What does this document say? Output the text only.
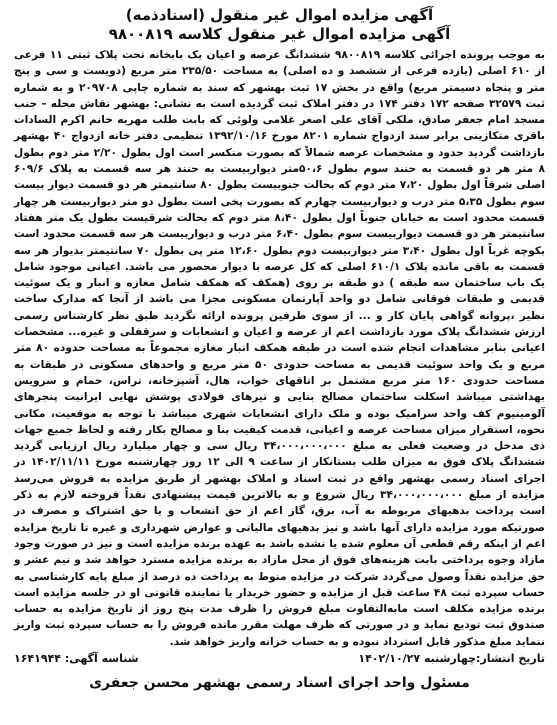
آگهی مزایده اموال غیر منقول (اسناد‌ذمه)

آگهی مزایده اموال غیر منقول کلاسه ۹۸۰۰۸۱۹

به موجب پرونده اجرائی کلاسه ۹۸۰۰۸۱۹ ششدانگ عرصه و اعیان یک بابخانه تحت پلاک ثبتی ۱۱ فرعی از ۶۱۰ اصلی (یازده فرعی از ششصد و ده اصلی) به مساحت ۲۳۵/۵۰ متر مربع (دویست و سی و پنج متر و پنجاه دسیمتر مربع) واقع در بخش ۱۷ ثبت بهشهر که سند به شماره چاپی ۲۰۹۷۰۸ و به شماره ثبت ۳۲۵۷۹ صفحه ۱۷۲ دفتر ۱۷۴ در دفتر املاک ثبت گردیده است به نشانی: بهشهر نقاش محله – جنب مسجد امام جعفر صادق، ملکی آقای علی اصغر غلامی ولوئی که بابت طلب مهریه خانم اکرم السادات باقری متکازینی برابر سند ازدواج شماره ۸۲۰۱ مورخ ۱۳۹۲/۱۰/۱۶ تنظیمی دفتر خانه ازدواج ۴۰ بهشهر بازداشت گردید حدود و مشخصات عرصه شمالاً که بصورت منکسر است اول بطول ۲/۲۰ متر دوم بطول ۸ متر هر دو قسمت به حنند سوم بطول ۵۰،۶متر دیواربیست به حنند هر سه قسمت به پلاک ۶۰۹/۶ اصلی شرقاً اول بطول ۷،۲۰ متر دوم که بحالت جنوبیست بطول ۸۰ سانتیمتر هر دو قسمت دیوار بیست سوم بطول ۵،۳۵ متر درب و دیواربیست چهارم که بصورت پخی است بطول دو متر دیواربیست هر چهار قسمت محدود است به خیابان جنوباً اول بطول ۸،۴۰ متر دوم که بحالت شرقیست بطول یک متر هفتاد سانتیمتر هر دو قسمت دیواربیست سوم بطول ۶،۴۰ متر درب و دیواربیست هر سه قسمت محدود است بکوچه غرباً اول بطول ۳،۴۰ متر دیواربیست دوم بطول ۱۲،۶۰ متر پی بطول ۷۰ سانتیمتر بدیوار هر سه قسمت به باقی مانده پلاک ۶۱۰/۱ اصلی که کل عرصه با دیوار محصور می باشد. اعیانی موجود شامل یک باب ساختمان سه طبقه ) دو طبقه بر روی (همکف که همکف شامل مغازه و انبار و یک سوئیت قدیمی و طبقات فوقانی شامل دو واحد آپارتمان مسکونی مجزا می باشد از آنجا که مدارک ساخت نظیر ،پروانه گواهی پایان کار و ... از سوی طرفین پرونده ارائه نگردید طبق نظر کارشناس رسمی ارزش ششدانگ پلاک مورد بازداشت اعم از عرصه و اعیان و انشعابات و سرقفلی و غیره... مشخصات اعیانی بنابر مشاهدات انجام شده است در طبقه همکف انبار مغازه مجموعاً به مساحت حدوده ۸۰ متر مربع و یک واحد سوئیت قدیمی به مساحت حدودی ۵۰ متر مربع و واحدهای مسکونی در طبقات به مساحت حدودی ۱۶۰ متر مربع مشتمل بر اتاقهای خواب، هال، آشپزخانه، تراس، حمام و سرویس بهداشتی میباشد اسکلت ساختمان مصالح بنایی و تیرهای فولادی پوشش نهایی ایرانیت پنجرهای آلومینیوم کف واحد سرامیک بوده و ملک دارای انشعابات شهری میباشد با توجه به موقعیت، مکانی نحوه، استقرار میزان مساحت عرصه و اعیانی، قدمت کیفیت بنا و مصالح بکار رفته و لحاظ جمیع جهات ذی مدخل در وضعیت فعلی به مبلغ ۳۴،۰۰۰،۰۰۰،۰۰۰ ریال سی و چهار میلیارد ریال ارزیابی گردید ششدانگ پلاک فوق به میزان طلب بستانکار از ساعت ۹ الی ۱۲ روز چهارشنبه مورخ ۱۴۰۲/۱۱/۱۱ در اجرای اسناد رسمی بهشهر واقع در ثبت اسناد و املاک بهشهر از طریق مزایده به فروش می‌رسد مزایده از مبلغ ۳۴،۰۰۰،۰۰۰،۰۰۰ ریال شروع و به بالاترین قیمت پیشنهادی نقداً فروخته لازم به ذکر است پرداخت بدهیهای مربوطه به آب، برق، گاز اعم از حق انشعاب و یا حق اشتراک و مصرف در صورتیکه مورد مزایده دارای آنها باشد و نیز بدهیهای مالیاتی و عوارض شهرداری و غیره تا تاریخ مزایده اعم از اینکه رقم قطعی آن معلوم شده یا نشده باشد به عهده برنده مزایده است و نیز در صورت وجود مازاد وجوه پرداختی بابت هزینه‌های فوق از محل مازاد به برنده مزایده مسترد خواهد شد و نیم عشر و حق مزایده نقداً وصول می‌گردد شرکت در مزایده منوط به پرداخت ده درصد از مبلغ پایه کارشناسی به حساب سپرده ثبت ۴۸ ساعت قبل از مزایده و حضور خریدار یا نماینده قانونی او در جلسه مزایده است برنده مزایده مکلف است مابه‌التفاوت مبلغ فروش را ظرف مدت پنج روز از تاریخ مزایده به حساب صندوق ثبت تودیع نماید و در صورتی که ظرف مهلت مقرر مانده فروش را به حساب سپرده ثبت واریز ننماید مبلغ مذکور قابل استرداد نبوده و به حساب خزانه واریز خواهد شد.

تاریخ انتشار:چهارشنبه ۱۴۰۲/۱۰/۲۷
شناسه آگهی: ۱۶۴۱۹۴۴
مسئول واحد اجرای اسناد رسمی بهشهر محسن جعفری
